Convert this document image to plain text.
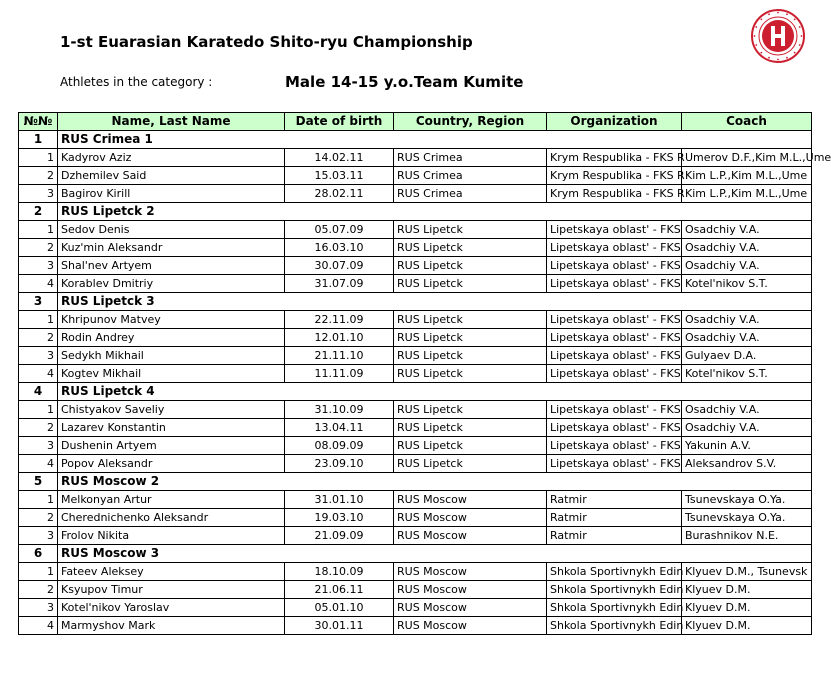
1-st Euarasian Karatedo Shito-ryu Championship
Athletes in the category :	Male 14-15 y.o.Team Kumite
№№	Name, Last Name	Date of birth	Country, Region	Organization	Coach
1	RUS Crimea 1				
1	Kadyrov Aziz	14.02.11	RUS Crimea	Krym Respublika - FKS R	Umerov D.F.,Kim M.L.,Ume
2	Dzhemilev Said	15.03.11	RUS Crimea	Krym Respublika - FKS R	Kim L.P.,Kim M.L.,Ume
3	Bagirov Kirill	28.02.11	RUS Crimea	Krym Respublika - FKS R	Kim L.P.,Kim M.L.,Ume
2	RUS Lipetck 2				
1	Sedov Denis	05.07.09	RUS Lipetck	Lipetskaya oblast' - FKS	Osadchiy V.A.
2	Kuz'min Aleksandr	16.03.10	RUS Lipetck	Lipetskaya oblast' - FKS	Osadchiy V.A.
3	Shal'nev Artyem	30.07.09	RUS Lipetck	Lipetskaya oblast' - FKS	Osadchiy V.A.
4	Korablev Dmitriy	31.07.09	RUS Lipetck	Lipetskaya oblast' - FKS	Kotel'nikov S.T.
3	RUS Lipetck 3				
1	Khripunov Matvey	22.11.09	RUS Lipetck	Lipetskaya oblast' - FKS	Osadchiy V.A.
2	Rodin Andrey	12.01.10	RUS Lipetck	Lipetskaya oblast' - FKS	Osadchiy V.A.
3	Sedykh Mikhail	21.11.10	RUS Lipetck	Lipetskaya oblast' - FKS	Gulyaev D.A.
4	Kogtev Mikhail	11.11.09	RUS Lipetck	Lipetskaya oblast' - FKS	Kotel'nikov S.T.
4	RUS Lipetck 4				
1	Chistyakov Saveliy	31.10.09	RUS Lipetck	Lipetskaya oblast' - FKS	Osadchiy V.A.
2	Lazarev Konstantin	13.04.11	RUS Lipetck	Lipetskaya oblast' - FKS	Osadchiy V.A.
3	Dushenin Artyem	08.09.09	RUS Lipetck	Lipetskaya oblast' - FKS	Yakunin A.V.
4	Popov Aleksandr	23.09.10	RUS Lipetck	Lipetskaya oblast' - FKS	Aleksandrov S.V.
5	RUS Moscow 2				
1	Melkonyan Artur	31.01.10	RUS Moscow	Ratmir	Tsunevskaya O.Ya.
2	Cherednichenko Aleksandr	19.03.10	RUS Moscow	Ratmir	Tsunevskaya O.Ya.
3	Frolov Nikita	21.09.09	RUS Moscow	Ratmir	Burashnikov N.E.
6	RUS Moscow 3				
1	Fateev Aleksey	18.10.09	RUS Moscow	Shkola Sportivnykh Edin	Klyuev D.M., Tsunevsk
2	Ksyupov Timur	21.06.11	RUS Moscow	Shkola Sportivnykh Edin	Klyuev D.M.
3	Kotel'nikov Yaroslav	05.01.10	RUS Moscow	Shkola Sportivnykh Edin	Klyuev D.M.
4	Marmyshov Mark	30.01.11	RUS Moscow	Shkola Sportivnykh Edin	Klyuev D.M.
